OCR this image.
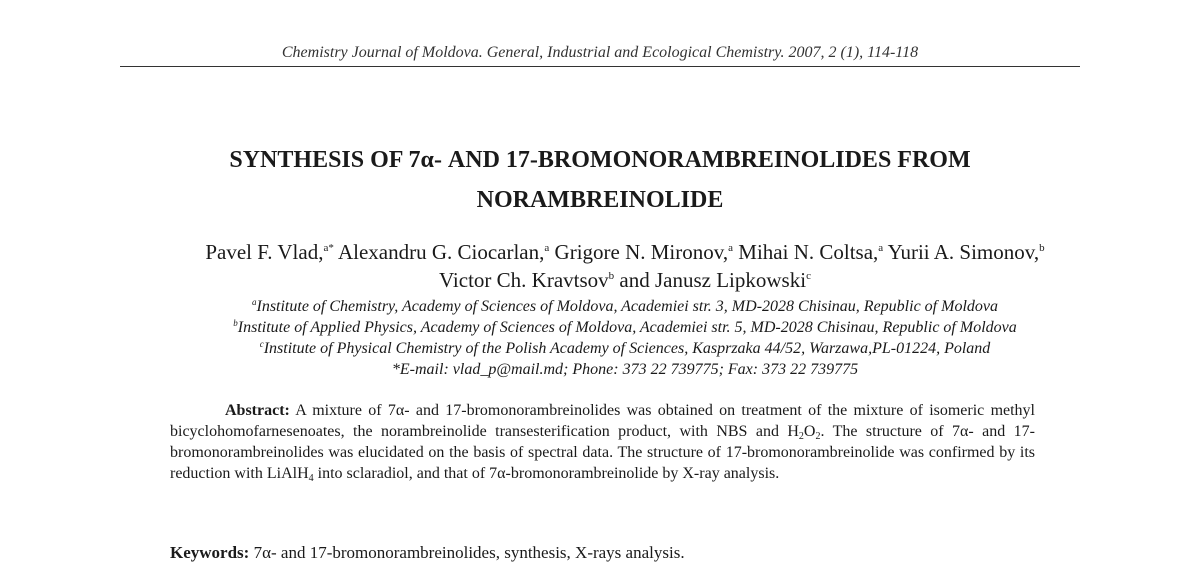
Chemistry Journal of Moldova. General, Industrial and Ecological Chemistry. 2007, 2 (1), 114-118
SYNTHESIS OF 7α- AND 17-BROMONORAMBREINOLIDES FROM NORAMBREINOLIDE
Pavel F. Vlad,$^{a*}$ Alexandru G. Ciocarlan,$^a$ Grigore N. Mironov,$^a$ Mihai N. Coltsa,$^a$ Yurii A. Simonov,$^b$ Victor Ch. Kravtsov$^b$ and Janusz Lipkowski$^c$
$^a$Institute of Chemistry, Academy of Sciences of Moldova, Academiei str. 3, MD-2028 Chisinau, Republic of Moldova
$^b$Institute of Applied Physics, Academy of Sciences of Moldova, Academiei str. 5, MD-2028 Chisinau, Republic of Moldova
$^c$Institute of Physical Chemistry of the Polish Academy of Sciences, Kasprzaka 44/52, Warzawa,PL-01224, Poland
*E-mail: vlad_p@mail.md; Phone: 373 22 739775; Fax: 373 22 739775
Abstract: A mixture of 7α- and 17-bromonorambreinolides was obtained on treatment of the mixture of isomeric methyl bicyclohomofarnesenoates, the norambreinolide transesterification product, with NBS and $H_2O_2$. The structure of 7α- and 17-bromonorambreinolides was elucidated on the basis of spectral data. The structure of 17-bromonorambreinolide was confirmed by its reduction with LiAlH$_4$ into sclaradiol, and that of 7α-bromonorambreinolide by X-ray analysis.
Keywords: 7α- and 17-bromonorambreinolides, synthesis, X-rays analysis.
